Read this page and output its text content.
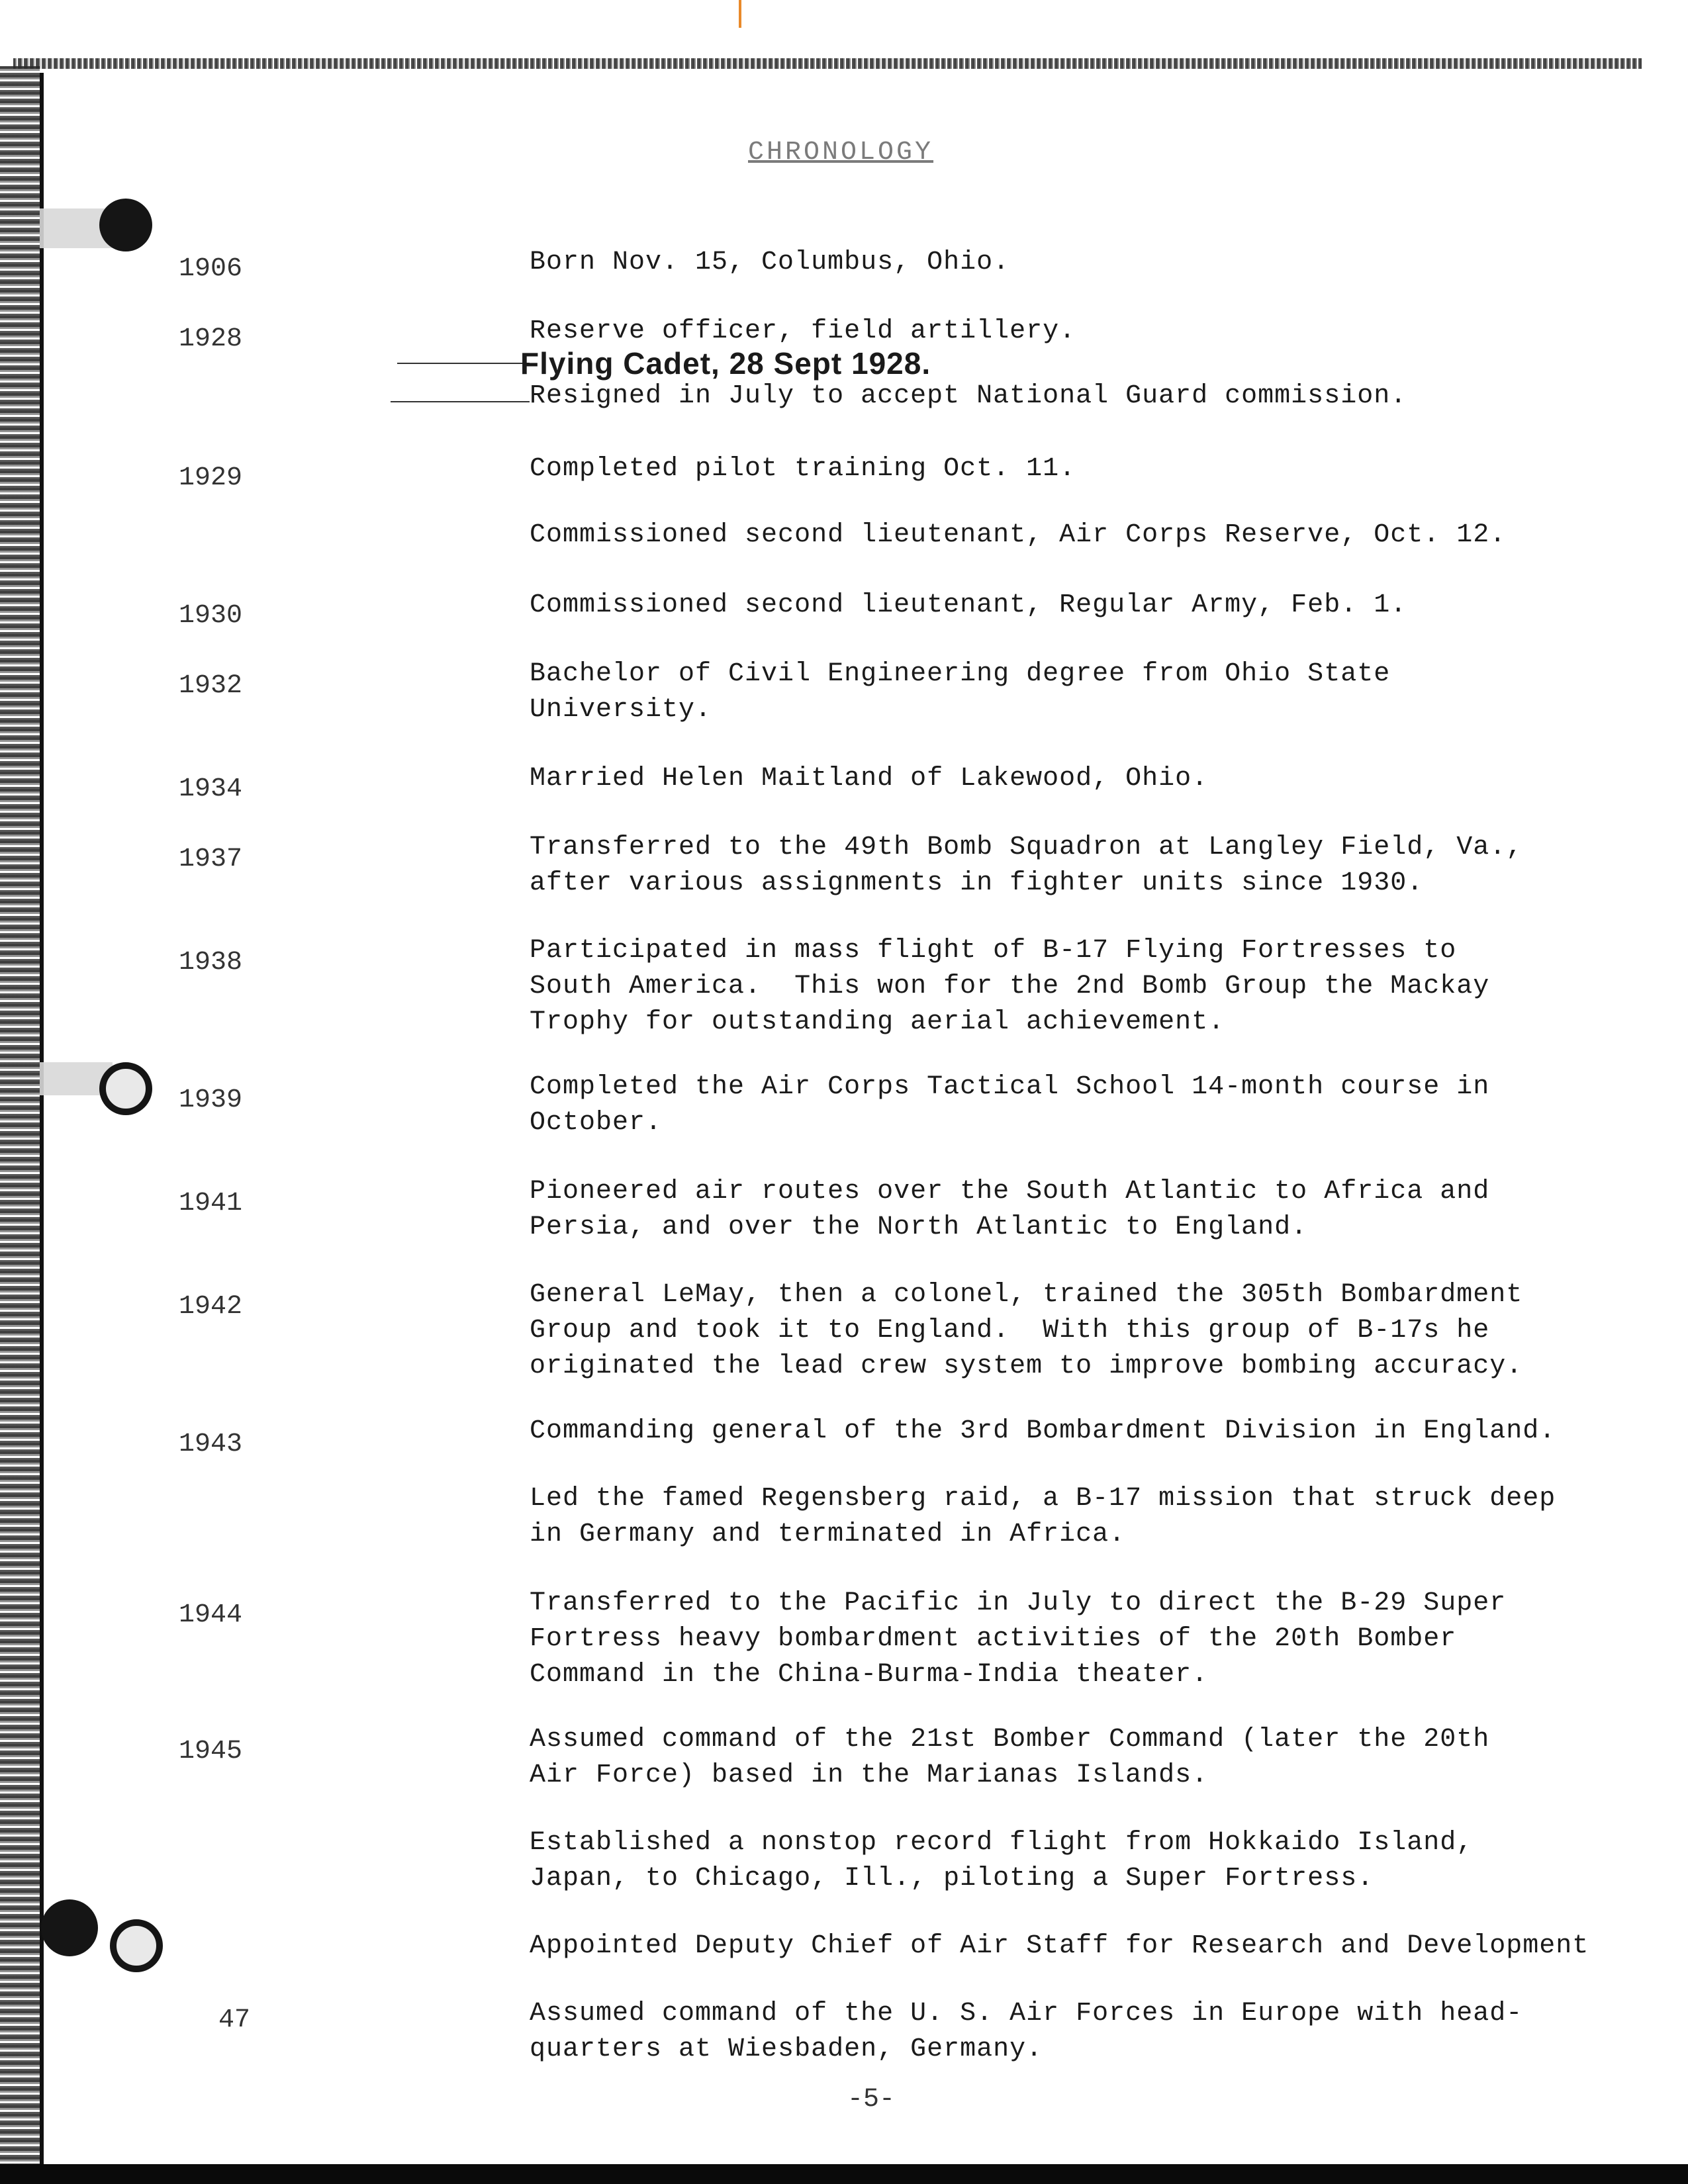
CHRONOLOGY
1906	Born Nov. 15, Columbus, Ohio.
1928	Reserve officer, field artillery.
Flying Cadet, 28 Sept 1928.
Resigned in July to accept National Guard commission.
1929	Completed pilot training Oct. 11.
Commissioned second lieutenant, Air Corps Reserve, Oct. 12.
1930	Commissioned second lieutenant, Regular Army, Feb. 1.
1932	Bachelor of Civil Engineering degree from Ohio State
University.
1934	Married Helen Maitland of Lakewood, Ohio.
1937	Transferred to the 49th Bomb Squadron at Langley Field, Va.,
after various assignments in fighter units since 1930.
1938	Participated in mass flight of B-17 Flying Fortresses to
South America.  This won for the 2nd Bomb Group the Mackay
Trophy for outstanding aerial achievement.
1939	Completed the Air Corps Tactical School 14-month course in
October.
1941	Pioneered air routes over the South Atlantic to Africa and
Persia, and over the North Atlantic to England.
1942	General LeMay, then a colonel, trained the 305th Bombardment
Group and took it to England.  With this group of B-17s he
originated the lead crew system to improve bombing accuracy.
1943	Commanding general of the 3rd Bombardment Division in England.
Led the famed Regensberg raid, a B-17 mission that struck deep
in Germany and terminated in Africa.
1944	Transferred to the Pacific in July to direct the B-29 Super
Fortress heavy bombardment activities of the 20th Bomber
Command in the China-Burma-India theater.
1945	Assumed command of the 21st Bomber Command (later the 20th
Air Force) based in the Marianas Islands.
Established a nonstop record flight from Hokkaido Island,
Japan, to Chicago, Ill., piloting a Super Fortress.
Appointed Deputy Chief of Air Staff for Research and Development
47	Assumed command of the U. S. Air Forces in Europe with head-
quarters at Wiesbaden, Germany.
-5-
